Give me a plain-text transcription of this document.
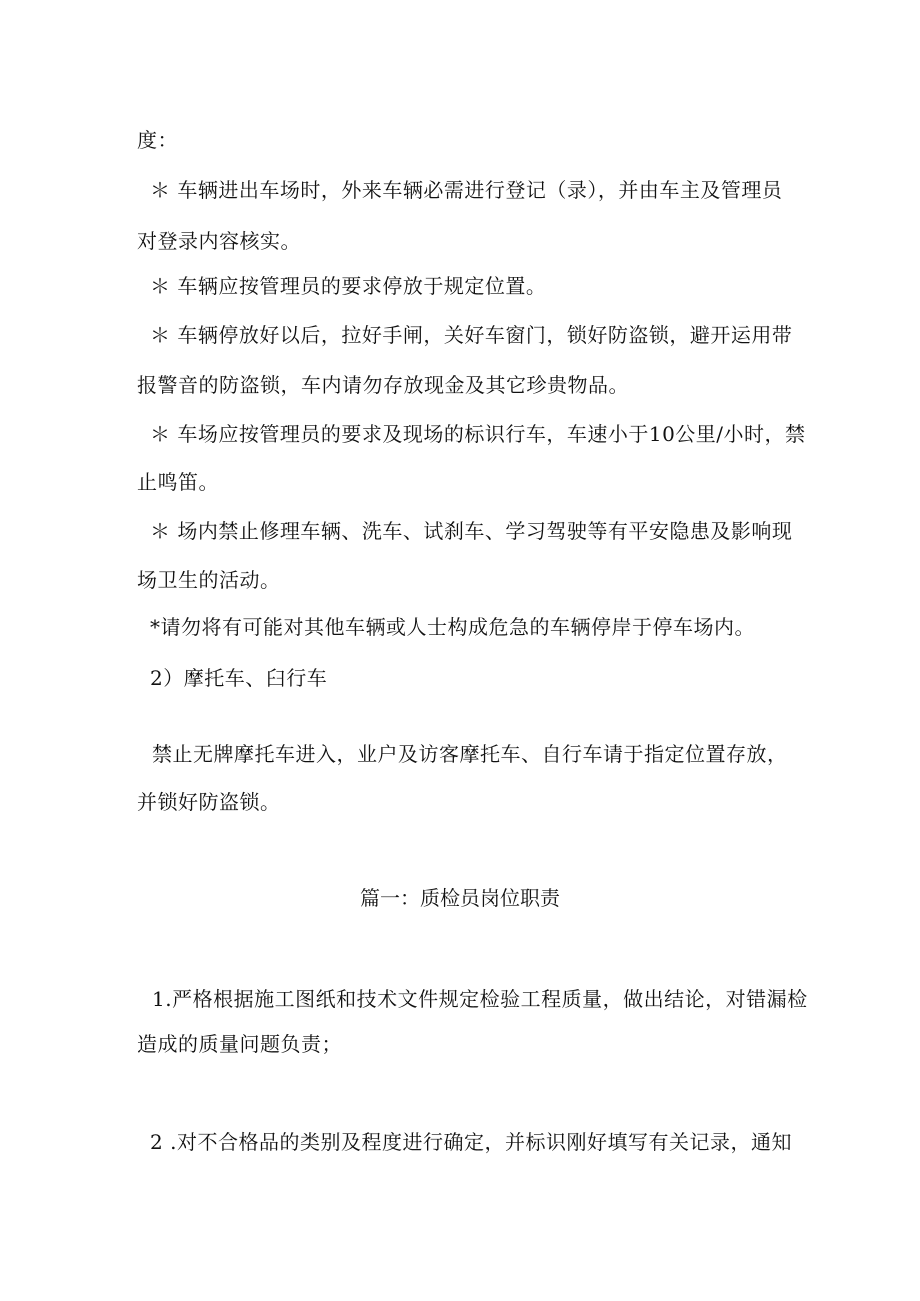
度：
＊ 车辆进出车场时，外来车辆必需进行登记（录），并由车主及管理员
对登录内容核实。
＊ 车辆应按管理员的要求停放于规定位置。
＊ 车辆停放好以后，拉好手闸，关好车窗门，锁好防盗锁，避开运用带
报警音的防盗锁，车内请勿存放现金及其它珍贵物品。
＊ 车场应按管理员的要求及现场的标识行车，车速小于10公里/小时，禁
止鸣笛。
＊ 场内禁止修理车辆、洗车、试刹车、学习驾驶等有平安隐患及影响现
场卫生的活动。
*请勿将有可能对其他车辆或人士构成危急的车辆停岸于停车场内。
2）摩托车、臼行车
禁止无牌摩托车进入，业户及访客摩托车、自行车请于指定位置存放，
并锁好防盗锁。
篇一：质检员岗位职责
1.严格根据施工图纸和技术文件规定检验工程质量，做出结论，对错漏检
造成的质量问题负责；
2 .对不合格品的类别及程度进行确定，并标识刚好填写有关记录，通知
